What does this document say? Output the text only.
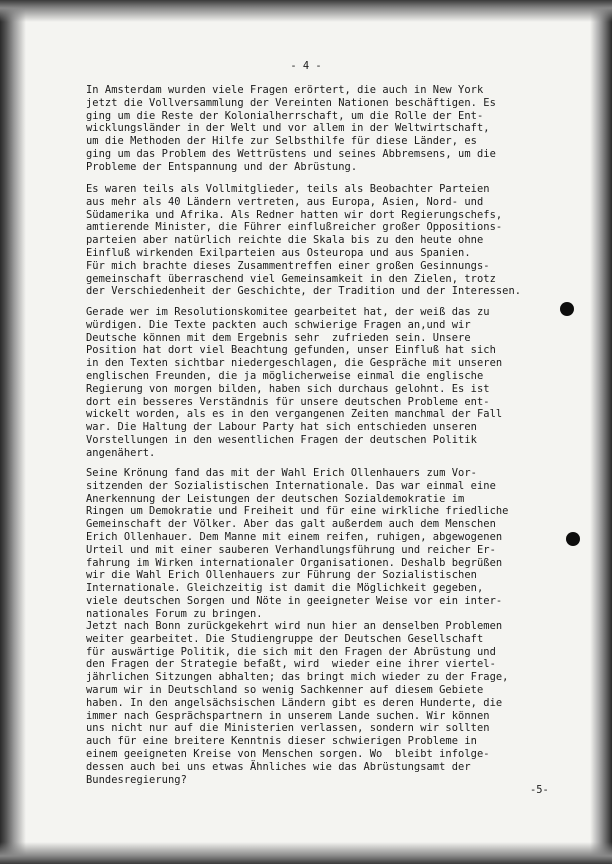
- 4 -
In Amsterdam wurden viele Fragen erörtert, die auch in New York
jetzt die Vollversammlung der Vereinten Nationen beschäftigen. Es
ging um die Reste der Kolonialherrschaft, um die Rolle der Ent-
wicklungsländer in der Welt und vor allem in der Weltwirtschaft,
um die Methoden der Hilfe zur Selbsthilfe für diese Länder, es
ging um das Problem des Wettrüstens und seines Abbremsens, um die
Probleme der Entspannung und der Abrüstung.
Es waren teils als Vollmitglieder, teils als Beobachter Parteien
aus mehr als 40 Ländern vertreten, aus Europa, Asien, Nord- und
Südamerika und Afrika. Als Redner hatten wir dort Regierungschefs,
amtierende Minister, die Führer einflußreicher großer Oppositions-
parteien aber natürlich reichte die Skala bis zu den heute ohne
Einfluß wirkenden Exilparteien aus Osteuropa und aus Spanien.
Für mich brachte dieses Zusammentreffen einer großen Gesinnungs-
gemeinschaft überraschend viel Gemeinsamkeit in den Zielen, trotz
der Verschiedenheit der Geschichte, der Tradition und der Interessen.
Gerade wer im Resolutionskomitee gearbeitet hat, der weiß das zu
würdigen. Die Texte packten auch schwierige Fragen an,und wir
Deutsche können mit dem Ergebnis sehr  zufrieden sein. Unsere
Position hat dort viel Beachtung gefunden, unser Einfluß hat sich
in den Texten sichtbar niedergeschlagen, die Gespräche mit unseren
englischen Freunden, die ja möglicherweise einmal die englische
Regierung von morgen bilden, haben sich durchaus gelohnt. Es ist
dort ein besseres Verständnis für unsere deutschen Probleme ent-
wickelt worden, als es in den vergangenen Zeiten manchmal der Fall
war. Die Haltung der Labour Party hat sich entschieden unseren
Vorstellungen in den wesentlichen Fragen der deutschen Politik
angenähert.
Seine Krönung fand das mit der Wahl Erich Ollenhauers zum Vor-
sitzenden der Sozialistischen Internationale. Das war einmal eine
Anerkennung der Leistungen der deutschen Sozialdemokratie im
Ringen um Demokratie und Freiheit und für eine wirkliche friedliche
Gemeinschaft der Völker. Aber das galt außerdem auch dem Menschen
Erich Ollenhauer. Dem Manne mit einem reifen, ruhigen, abgewogenen
Urteil und mit einer sauberen Verhandlungsführung und reicher Er-
fahrung im Wirken internationaler Organisationen. Deshalb begrüßen
wir die Wahl Erich Ollenhauers zur Führung der Sozialistischen
Internationale. Gleichzeitig ist damit die Möglichkeit gegeben,
viele deutschen Sorgen und Nöte in geeigneter Weise vor ein inter-
nationales Forum zu bringen.
Jetzt nach Bonn zurückgekehrt wird nun hier an denselben Problemen
weiter gearbeitet. Die Studiengruppe der Deutschen Gesellschaft
für auswärtige Politik, die sich mit den Fragen der Abrüstung und
den Fragen der Strategie befaßt, wird  wieder eine ihrer viertel-
jährlichen Sitzungen abhalten; das bringt mich wieder zu der Frage,
warum wir in Deutschland so wenig Sachkenner auf diesem Gebiete
haben. In den angelsächsischen Ländern gibt es deren Hunderte, die
immer nach Gesprächspartnern in unserem Lande suchen. Wir können
uns nicht nur auf die Ministerien verlassen, sondern wir sollten
auch für eine breitere Kenntnis dieser schwierigen Probleme in
einem geeigneten Kreise von Menschen sorgen. Wo  bleibt infolge-
dessen auch bei uns etwas Ähnliches wie das Abrüstungsamt der
Bundesregierung?
-5-
